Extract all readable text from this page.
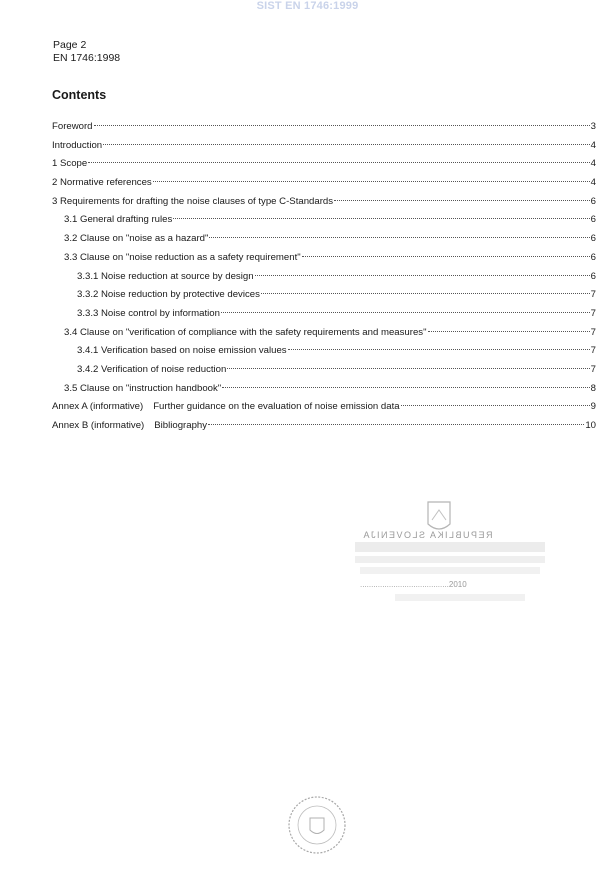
SIST EN 1746:1999
Page 2
EN 1746:1998
Contents
Foreword	3
Introduction	4
1 Scope	4
2 Normative references	4
3 Requirements for drafting the noise clauses of type C-Standards	6
3.1 General drafting rules	6
3.2 Clause on "noise as a hazard"	6
3.3 Clause on "noise reduction as a safety requirement"	6
3.3.1 Noise reduction at source by design	6
3.3.2 Noise reduction by protective devices	7
3.3.3 Noise control by information	7
3.4 Clause on "verification of compliance with the safety requirements and measures"	7
3.4.1 Verification based on noise emission values	7
3.4.2 Verification of noise reduction	7
3.5 Clause on "instruction handbook"	8
Annex A (informative) Further guidance on the evaluation of noise emission data	9
Annex B (informative) Bibliography	10
REPUBLIKA SLOVENIJA
........................................2010
